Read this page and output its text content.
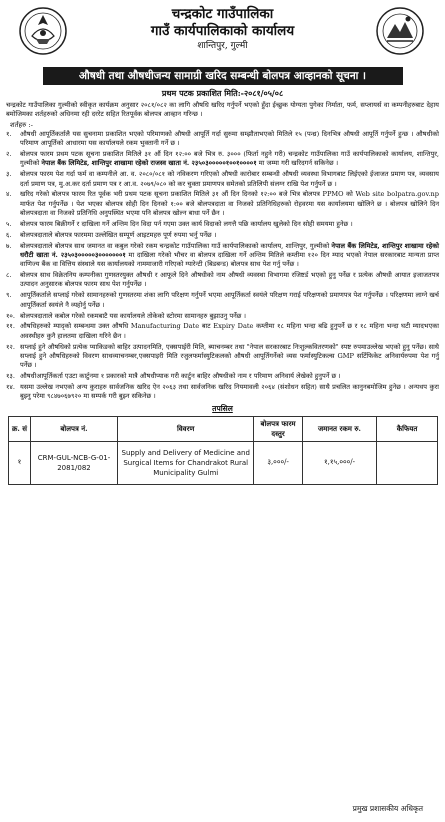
चन्द्रकोट गाउँपालिका
गाउँ कार्यपालिकाको कार्यालय
शान्तिपुर, गुल्मी
औषधी तथा औषधीजन्य सामाग्री खरिद सम्बन्धी बोलपत्र आव्हानको सूचना ।
प्रथम पटक प्रकाशित मिति:-२०८१/०५/०८
चन्द्रकोट गाउँपालिका गुल्मीको स्वीकृत कार्यक्रम अनुसार २०८१/०८२ का लागि औषधि खरिद गर्नुपर्ने भएको हुँदा ईच्छुक योग्यता पुगेका निर्माता, फर्म, सप्लायर्स वा कम्पनीहरुबाट देहाय बमोजिमका शर्तहरुको अधिनमा रही दररेट सहित रितपूर्वक बोलपत्र आव्हान गरिन्छ ।
शर्तहरु :-
१.	औषधी आपूर्तिकर्तालै यस सुचनामा प्रकाशित भएको परिमाणको औषधी आपूर्ति गर्दा सुरुमा सम्झौताभएको मितिले १५ (पन्ध्र) दिनभित्र औषधी आपूर्ति गर्नुपर्ने हुन्छ । औषधीको परिमाण आपूर्तिको आधारमा यस कार्यालयले रकम भुक्तानी गर्ने छ ।
२.	बोलपत्र फारम प्रथम पटक सूचना प्रकाशित मितिले ३१ औं दिन १२:०० बजे भित्र रु. ३००० (फिर्ता नहुने गरी) चन्द्रकोट गाउँपालिका गाउँ कार्यपालिकाको कार्यालय, शान्तिपुर, गुल्मीको नेपाल बैंक लिमिटेड, शान्तिपुर शाखामा रहेको राजस्व खाता नं. २३५०३०००००१००१००००१ मा जम्मा गरी खरिदगर्न सकिनेछ ।
३.	बोलपत्र फारम पेश गर्दा फर्म वा कम्पनीले आ. व. २०८०/०८१ को नविकरण गरिएको औषधी कारोबार सम्बन्धी औषधी व्यवस्था विभागबाट लिईएको ईजाजत प्रमाण पत्र, व्यवसाय दर्ता प्रमाण पत्र, मु.अ.कर दर्ता प्रमाण पत्र र आ.व. २०७९/०८० को कर चुक्ता प्रमाणपत्र समेतको प्रतिलिपी संलग्न राखि पेश गर्नुपर्ने छ ।
४.	खरिद गरेको बोलपत्र फारम रित पूर्वक भरी प्रथम पटक सूचना प्रकाशित मितिले ३१ औं दिन दिनको १२:०० बजे भित्र बोलपत्र PPMO को Web site bolpatra.gov.np मार्फत पेश गर्नुपर्नेछ । पेश भएका बोलपत्र सोही दिन दिनको १:०० बजे बोलपत्रदाता वा निजको प्रतिनिधिहरुको रोहवरमा यस कार्यालयमा खोलिने छ । बोलपत्र खोलिने दिन बोलपत्रदाता वा निजको प्रतिनिधि अनुपस्थित भएमा पनि बोलपत्र खोल्न बाधा पर्ने छैन ।
५.	बोलपत्र फारम बिक्रीगर्ने र दाखिला गर्ने अन्तिम दिन विदा पर्न गएमा उक्त कार्य विदाको लगत्तै पछि कार्यालय खुलेको दिन सोही समयमा हुनेछ ।
६.	बोलपत्रदाताले बोलपत्र फारममा उल्लेखित सम्पूर्ण आइटमहरु पूर्ण रुपमा भर्नु पर्नेछ ।
७.	बोलपत्रदाताले बोलपत्र साथ जमानत वा कबुल गरेको रकम चन्द्रकोट गाउँपालिका गाउँ कार्यपालिकाको कार्यालय, शान्तिपुर, गुल्मीको नेपाल बैंक लिमिटेड, शान्तिपुर शाखामा रहेको धरौटी खाता नं. २३५०३०००००३०००००००१ मा दाखिला गरेको भौचर वा बोलपत्र दाखिला गर्ने अन्तिम मितिले कम्तीमा १२० दिन म्याद भएको नेपाल सरकारबाट मान्यता प्राप्त वाणिज्य बैंक वा वित्तिय संस्थाले यस कार्यालयको नाममाजारी गरिएको ग्यारेन्टी (बिडबन्ड) बोलपत्र साथ पेश गर्नु पर्नेछ ।
८.	बोलपत्र साथ विक्रेतनिय कम्पनीका गुणस्तरयुक्त औषधी र आफूले दिने औषधीको नाम औषधी व्यवस्था विभागमा रजिष्टर्ड भएको हुनु पर्नेछ र प्रत्येक औषधी आयात इजाजतपत्र उत्पादन अनुसारक बोलपत्र फारम साथ पेश गर्नुपर्नेछ ।
९.	आपूर्तिकर्ताले सप्लाई गरेको सामानहरुको गुणस्तरमा शंका लागि परिक्षण गर्नुपर्ने भएमा आपूर्तिकर्ता स्वयंले परिक्षण गराई परिक्षणको प्रमाणपत्र पेश गर्नुपर्नेछ । परिक्षणमा लाग्ने खर्च आपूर्तिकर्ता स्वयंले नै व्यहोर्नु पर्नेछ ।
१०. बोलपत्रदाताले कबोल गरेको रकमबाटै यस कार्यालयले तोकेको स्टोरमा सामानहरु बुझाउनु पर्नेछ ।
११. औषधिहरुको म्याद्को सम्बन्धमा उक्त औषधि Manufacturing Date बाट Expiry Date कम्तीमा १८ महिना भन्दा बढि हुनुपर्ने छ र १८ महिना भन्दा घटी म्यादभएका अवस्थीहरु कुनै हालतमा दाखिला गरिने छैन ।
१२. सप्लाई हुने औषधिको प्रत्येक प्याकिङको बाहिर उत्पादनमिति, एक्सपाईरी मिति, ब्याचनम्बर तथा "नेपाल सरकारबाट निःशुल्कवितरणको" स्पष्ट रुपमाउल्लेख भएको हुनु पर्नेछ। साथै सप्लाई हुने औषधिहरुको विवरण साथव्याचनम्बर,एक्सपाइरी मिति रजुलफर्मास्युटिकलको औषधी आपूर्तिगर्नेको व्यस फर्मास्युटिकल्स GMP सर्टिफिकेट अनिवार्यरुपमा पेश गर्नु पर्नेछ ।
१३. औषधीआपूर्तिकर्ता एउटा कार्टुनमा १ प्रकारको मात्रै औषधीप्याक गरी कार्टुन बाहिर औषधीको नाम र परिमाण अनिवार्य लेखेको हुनुपर्ने छ ।
१४. यसमा उल्लेख नभएको अन्य कुराहरु सार्वजनिक खरिद ऐन २०६३ तथा सार्वजनिक खरिद नियमावली २०६४ (संशोधन सहित) साथै प्रचलित कानुनबमोजिम हुनेछ । अन्यथप कुरा बुझ्नु परेमा ९८४७०६७९२० मा सम्पर्क गरी बुझ्न सकिनेछ ।
तपसिल
क्र. सं	बोलपत्र नं.	विवरण	बोलपत्र फारम दस्तुर	जमानत रकम रु.	कैफियत
१	CRM-GUL-NCB-G-01-2081/082	Supply and Delivery of Medicine and Surgical Items for Chandrakot Rural Municipality Gulmi	३,०००/-	१,१५,०००/-	
प्रमुख प्रशासकीय अधिकृत
